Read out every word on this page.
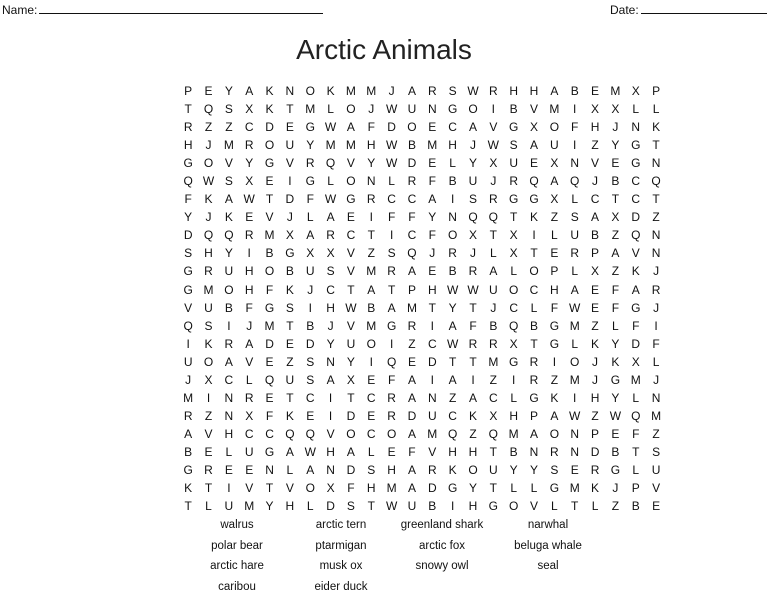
Name:	Date:
Arctic Animals
P	E	Y	A	K	N O K M M	J	A	R	S W R H H	A	B	E M X	P
T	Q S	X	K	T M	L	O	J W U N G O	I	B	V M	I	X	X	L	L
R	Z	Z	C D	E G W A	F	D O E	C	A	V G X O	F	H	J	N	K
H	J	M R O U	Y M M H W B M H	J W S	A	U	I	Z	Y G	T
G O V	Y G V	R Q V	Y W D	E	L	Y	X	U	E	X	N	V	E G N
Q W S	X	E	I	G	L	O N	L	R	F	B	U	J	R Q A Q	J	B	C Q
F	K	A W T	D	F W G R C C	A	I	S	R G G X	L	C	T	C	T
Y	J	K	E	V	J	L	A	E	I	F	F	Y	N Q Q	T	K	Z	S	A	X	D	Z
D Q Q R M X	A	R C	T	I	C	F	O X	T	X	I	L	U	B	Z	Q N
S	H	Y	I	B G X	X	V	Z	S Q	J	R	J	L	X	T	E	R	P	A	V	N
G R U H O B	U	S	V M R	A	E	B	R	A	L	O P	L	X	Z	K	J
G M O H	F	K	J	C	T	A	T	P	H W W U O C H	A	E	F	A	R
V	U	B	F	G S	I	H W B	A M T	Y	T	J	C	L	F W E	F	G	J
Q S	I	J	M T	B	J	V M G R	I	A	F	B Q B G M Z	L	F	I
I	K	R	A	D	E	D	Y	U O	I	Z	C W R R	X	T	G	L	K	Y	D	F
U O A	V	E	Z	S	N	Y	I	Q E	D	T	T M G R	I	O	J	K	X	L
J	X	C	L	Q U	S	A	X	E	F	A	I	A	I	Z	I	R	Z M	J	G M	J
M	I	N R	E	T	C	I	T	C R	A	N	Z	A	C	L	G K	I	H	Y	L	N
R	Z	N	X	F	K	E	I	D	E	R D U C	K	X	H	P	A W Z W Q M
A	V	H C C Q Q V O C O A M Q	Z	Q M A O N	P	E	F	Z
B	E	L	U G A W H	A	L	E	F	V	H H	T	B	N R N D	B	T	S
G R	E	E	N	L	A	N D	S	H	A	R	K O U	Y	Y	S	E	R G	L	U
K	T	I	V	T	V O X	F	H M A	D G Y	T	L	L	G M K	J	P	V
T	L	U M Y	H	L	D	S	T W U	B	I	H G O V	L	T	L	Z	B	E
walrus	arctic tern	greenland shark	narwhal
polar bear	ptarmigan	arctic fox	beluga whale
arctic hare	musk ox	snowy owl	seal
caribou	eider duck
